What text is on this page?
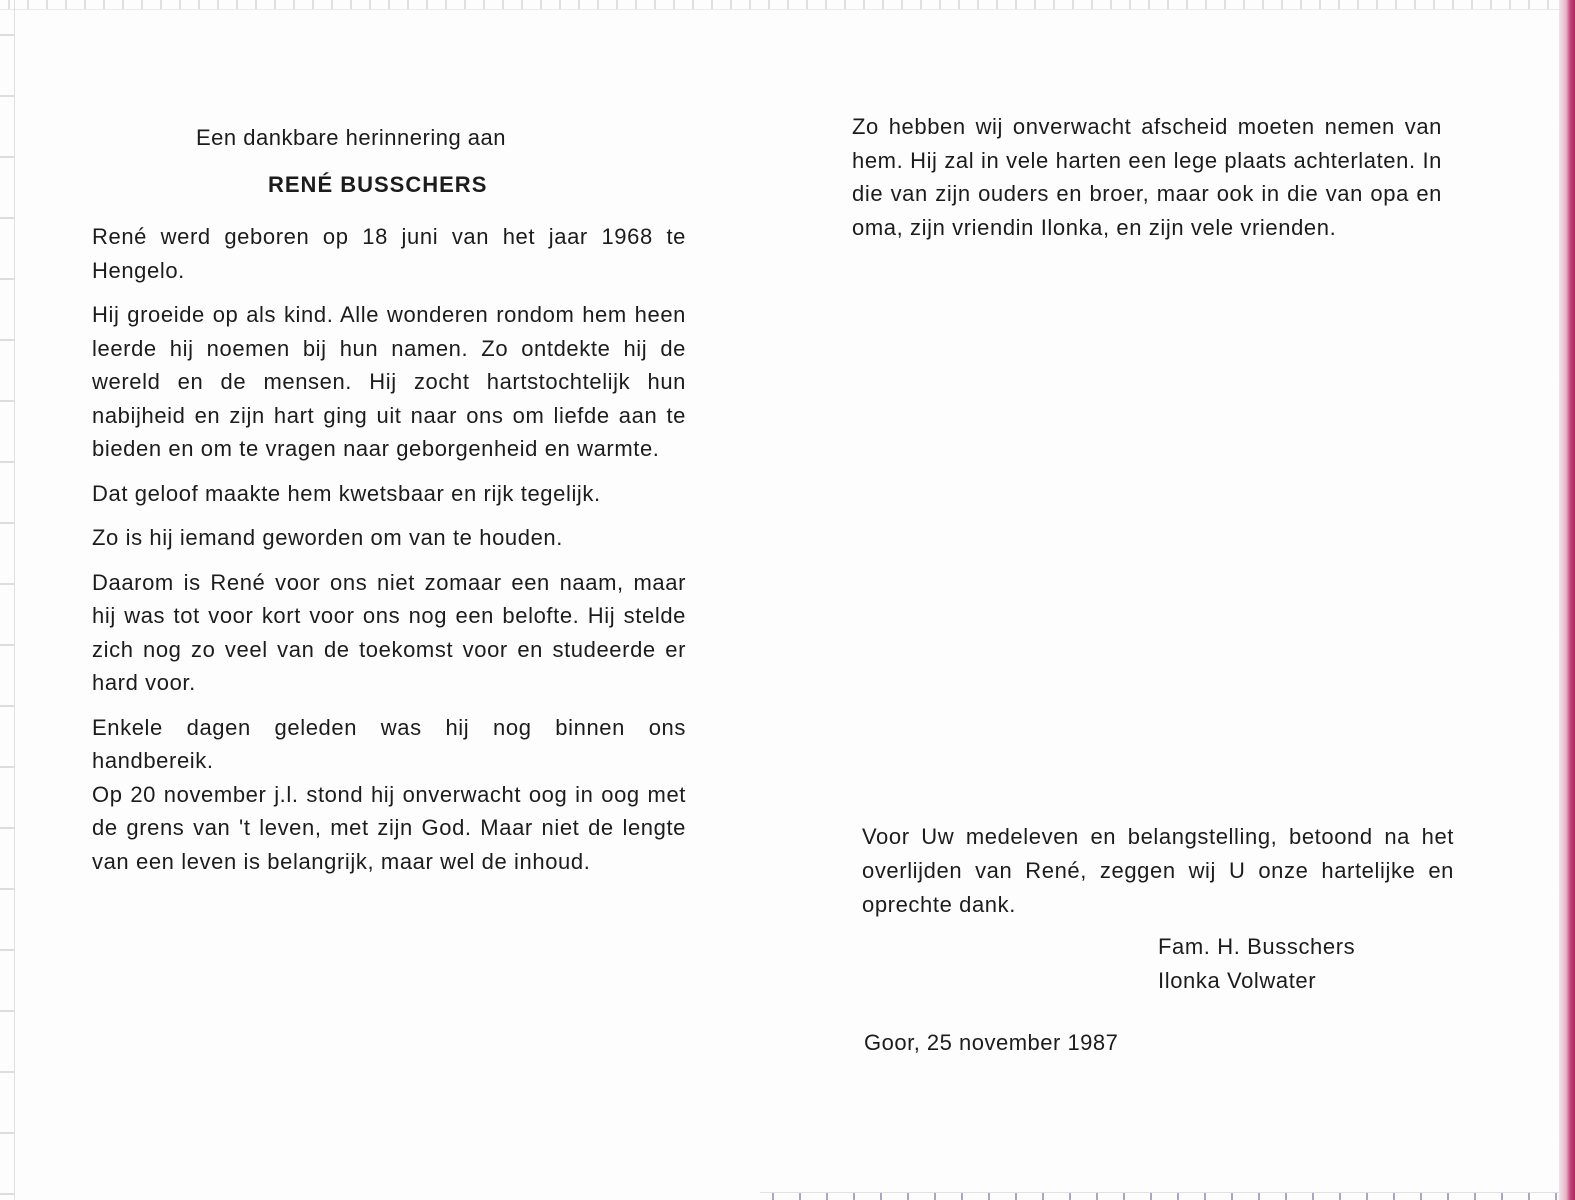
Een dankbare herinnering aan
RENÉ BUSSCHERS

René werd geboren op 18 juni van het jaar 1968 te Hengelo.

Hij groeide op als kind. Alle wonderen rondom hem heen leerde hij noemen bij hun namen. Zo ontdekte hij de wereld en de mensen. Hij zocht hartstochtelijk hun nabijheid en zijn hart ging uit naar ons om liefde aan te bieden en om te vragen naar geborgenheid en warmte.

Dat geloof maakte hem kwetsbaar en rijk tegelijk.

Zo is hij iemand geworden om van te houden.

Daarom is René voor ons niet zomaar een naam, maar hij was tot voor kort voor ons nog een belofte. Hij stelde zich nog zo veel van de toekomst voor en studeerde er hard voor.

Enkele dagen geleden was hij nog binnen ons handbereik.

Op 20 november j.l. stond hij onverwacht oog in oog met de grens van 't leven, met zijn God. Maar niet de lengte van een leven is belangrijk, maar wel de inhoud.

Zo hebben wij onverwacht afscheid moeten nemen van hem. Hij zal in vele harten een lege plaats achterlaten. In die van zijn ouders en broer, maar ook in die van opa en oma, zijn vriendin Ilonka, en zijn vele vrienden.

Voor Uw medeleven en belangstelling, betoond na het overlijden van René, zeggen wij U onze hartelijke en oprechte dank.
Fam. H. Busschers
Ilonka Volwater
Goor, 25 november 1987
